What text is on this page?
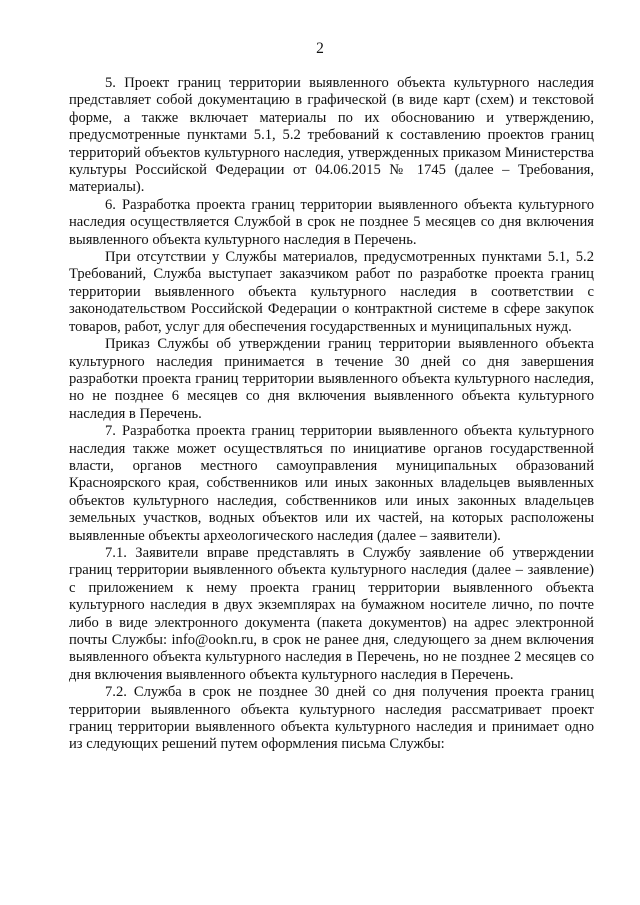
2

5. Проект границ территории выявленного объекта культурного наследия представляет собой документацию в графической (в виде карт (схем) и текстовой форме, а также включает материалы по их обоснованию и утверждению, предусмотренные пунктами 5.1, 5.2 требований к составлению проектов границ территорий объектов культурного наследия, утвержденных приказом Министерства культуры Российской Федерации от 04.06.2015 № 1745 (далее – Требования, материалы).

6. Разработка проекта границ территории выявленного объекта культурного наследия осуществляется Службой в срок не позднее 5 месяцев со дня включения выявленного объекта культурного наследия в Перечень.

При отсутствии у Службы материалов, предусмотренных пунктами 5.1, 5.2 Требований, Служба выступает заказчиком работ по разработке проекта границ территории выявленного объекта культурного наследия в соответствии с законодательством Российской Федерации о контрактной системе в сфере закупок товаров, работ, услуг для обеспечения государственных и муниципальных нужд.

Приказ Службы об утверждении границ территории выявленного объекта культурного наследия принимается в течение 30 дней со дня завершения разработки проекта границ территории выявленного объекта культурного наследия, но не позднее 6 месяцев со дня включения выявленного объекта культурного наследия в Перечень.

7. Разработка проекта границ территории выявленного объекта культурного наследия также может осуществляться по инициативе органов государственной власти, органов местного самоуправления муниципальных образований Красноярского края, собственников или иных законных владельцев выявленных объектов культурного наследия, собственников или иных законных владельцев земельных участков, водных объектов или их частей, на которых расположены выявленные объекты археологического наследия (далее – заявители).

7.1. Заявители вправе представлять в Службу заявление об утверждении границ территории выявленного объекта культурного наследия (далее – заявление) с приложением к нему проекта границ территории выявленного объекта культурного наследия в двух экземплярах на бумажном носителе лично, по почте либо в виде электронного документа (пакета документов) на адрес электронной почты Службы: info@ookn.ru, в срок не ранее дня, следующего за днем включения выявленного объекта культурного наследия в Перечень, но не позднее 2 месяцев со дня включения выявленного объекта культурного наследия в Перечень.

7.2. Служба в срок не позднее 30 дней со дня получения проекта границ территории выявленного объекта культурного наследия рассматривает проект границ территории выявленного объекта культурного наследия и принимает одно из следующих решений путем оформления письма Службы:
